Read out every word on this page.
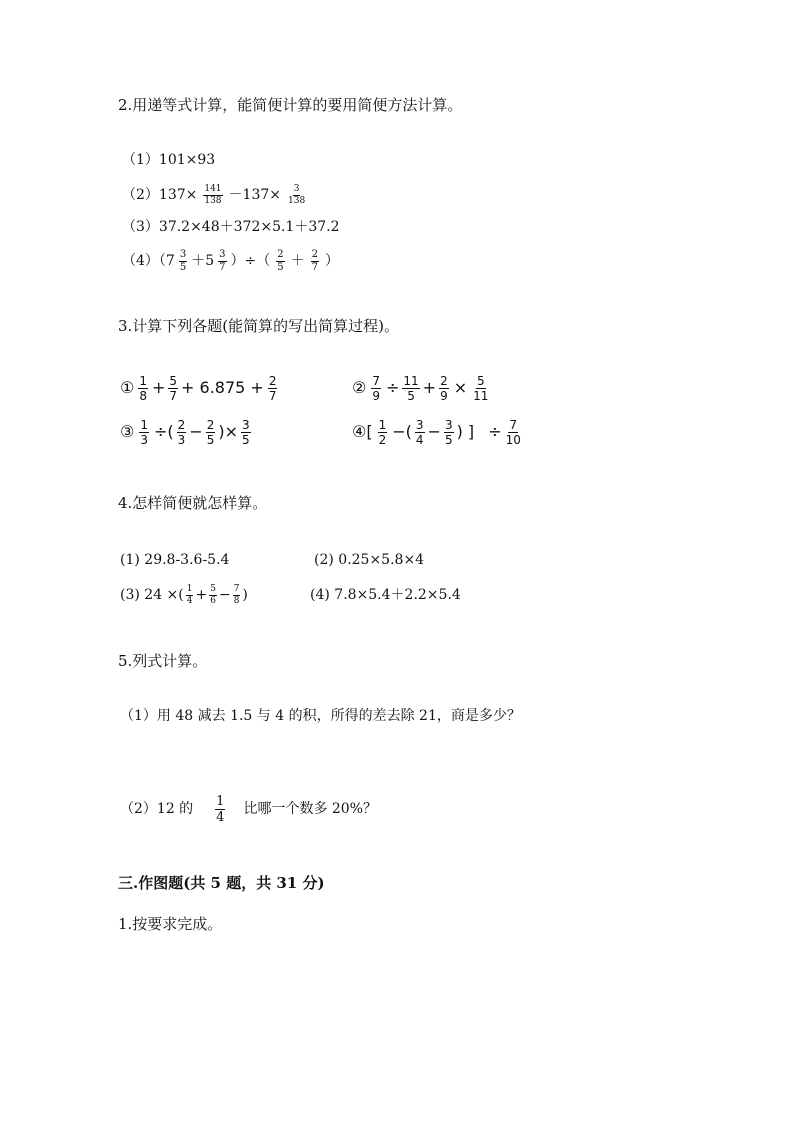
2.用递等式计算，能简便计算的要用简便方法计算。
（1）101×93
$(2)137\times \frac{141}{138} -137\times \frac{3}{138}$
（3）37.2×48＋372×5.1＋37.2
$(4)(7 \frac{3}{5} +5 \frac{3}{7}$ ）÷（ $\frac{2}{5} + \frac{2}{7}$ ）
3.计算下列各题(能简算的写出简算过程)。
① $\frac{1}{8} + \frac{5}{7} + 6.875 + \frac{2}{7}$	② $\frac{7}{9} \div \frac{11}{5} + \frac{2}{9} \times \frac{5}{11}$
③ $\frac{1}{3}$ ÷( $\frac{2}{3} - \frac{2}{5}$ )× $\frac{3}{5}$	④[ $\frac{1}{2}$ −( $\frac{3}{4} - \frac{3}{5}$ ) ] ÷ $\frac{7}{10}$
4.怎样简便就怎样算。
(1) 29.8-3.6-5.4	(2) 0.25×5.8×4
(3) 24 ×( $\frac{1}{4} + \frac{5}{6} - \frac{7}{8}$ )	(4) 7.8×5.4＋2.2×5.4
5.列式计算。
（1）用 48 减去 1.5 与 4 的积，所得的差去除 21，商是多少？
（2）12 的 $\frac{1}{4}$ 比哪一个数多 20%？
三.作图题(共 5 题，共 31 分)
1.按要求完成。
